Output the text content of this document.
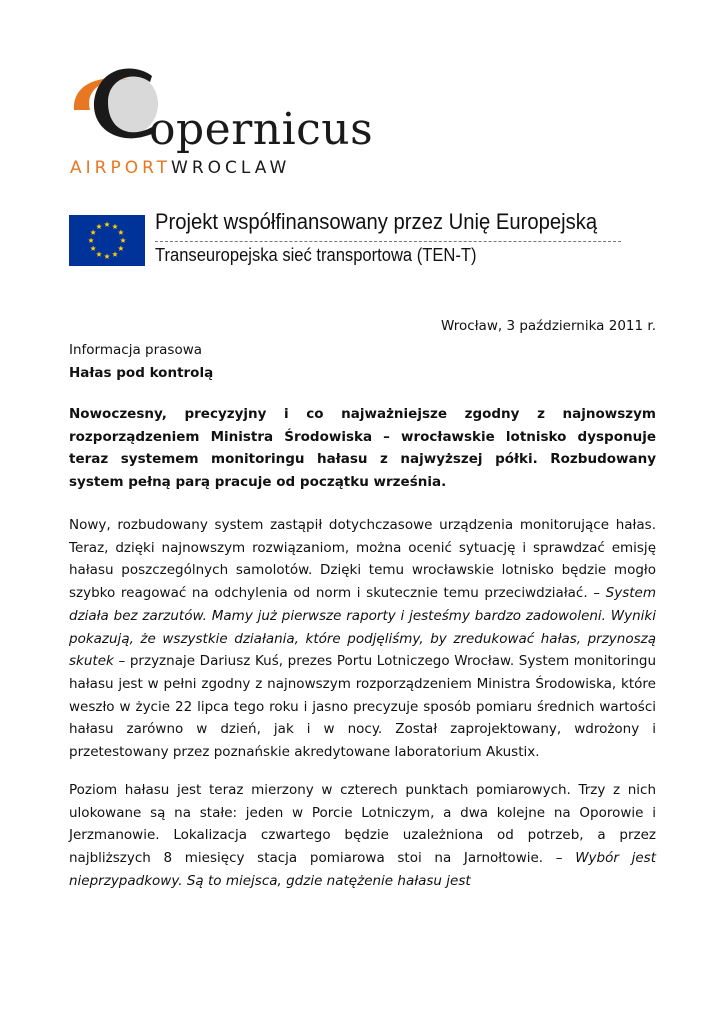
opernicus
AIRPORTWROCLAW
Projekt współfinansowany przez Unię Europejską
Transeuropejska sieć transportowa (TEN-T)
Wrocław, 3 października 2011 r.
Informacja prasowa
Hałas pod kontrolą
Nowoczesny, precyzyjny i co najważniejsze zgodny z najnowszym rozporządzeniem Ministra Środowiska – wrocławskie lotnisko dysponuje teraz systemem monitoringu hałasu z najwyższej półki. Rozbudowany system pełną parą pracuje od początku września.
Nowy, rozbudowany system zastąpił dotychczasowe urządzenia monitorujące hałas. Teraz, dzięki najnowszym rozwiązaniom, można ocenić sytuację i sprawdzać emisję hałasu poszczególnych samolotów. Dzięki temu wrocławskie lotnisko będzie mogło szybko reagować na odchylenia od norm i skutecznie temu przeciwdziałać. – System działa bez zarzutów. Mamy już pierwsze raporty i jesteśmy bardzo zadowoleni. Wyniki pokazują, że wszystkie działania, które podjęliśmy, by zredukować hałas, przynoszą skutek – przyznaje Dariusz Kuś, prezes Portu Lotniczego Wrocław. System monitoringu hałasu jest w pełni zgodny z najnowszym rozporządzeniem Ministra Środowiska, które weszło w życie 22 lipca tego roku i jasno precyzuje sposób pomiaru średnich wartości hałasu zarówno w dzień, jak i w nocy. Został zaprojektowany, wdrożony i przetestowany przez poznańskie akredytowane laboratorium Akustix.
Poziom hałasu jest teraz mierzony w czterech punktach pomiarowych. Trzy z nich ulokowane są na stałe: jeden w Porcie Lotniczym, a dwa kolejne na Oporowie i Jerzmanowie. Lokalizacja czwartego będzie uzależniona od potrzeb, a przez najbliższych 8 miesięcy stacja pomiarowa stoi na Jarnołtowie. – Wybór jest nieprzypadkowy. Są to miejsca, gdzie natężenie hałasu jest
